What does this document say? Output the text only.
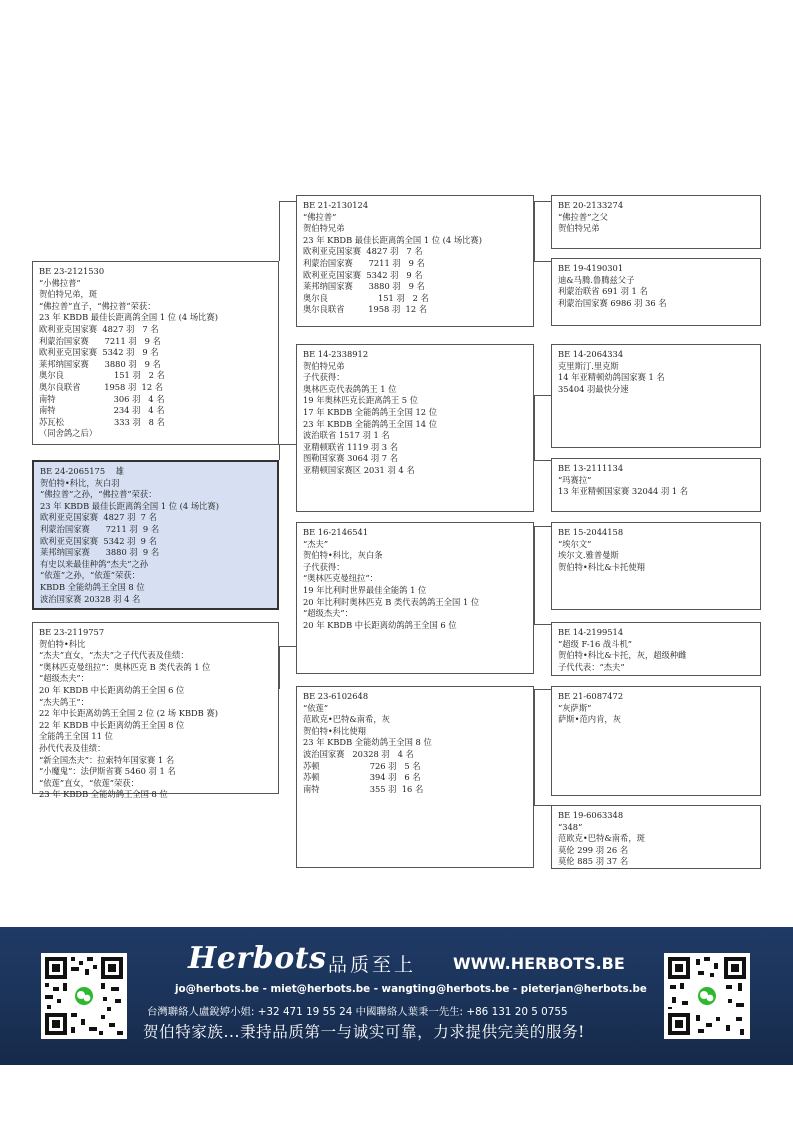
BE 23-2121530
“小佛拉普”
贺伯特兄弟，斑
“佛拉普”直子，“佛拉普”荣获：
23 年 KBDB 最佳长距离鸽全国 1 位 (4 场比赛)
欧利亚克国家赛  4827 羽   7 名
利蒙治国家赛      7211 羽   9 名
欧利亚克国家赛  5342 羽   9 名
莱邦纳国家赛      3880 羽   9 名
奥尔良                   151 羽   2 名
奥尔良联省         1958 羽  12 名
南特                      306 羽   4 名
南特                      234 羽   4 名
苏瓦松                   333 羽   8 名
（同舍鸽之后）
BE 24-2065175    雄
贺伯特•科比，灰白羽
“佛拉普”之孙，“佛拉普”荣获：
23 年 KBDB 最佳长距离鸽全国 1 位 (4 场比赛)
欧利亚克国家赛  4827 羽  7 名
利蒙治国家赛      7211 羽  9 名
欧利亚克国家赛  5342 羽  9 名
莱邦纳国家赛      3880 羽  9 名
有史以来最佳种鸽“杰夫”之孙
“依莲”之孙，“依莲”荣获：
KBDB 全能幼鸽王全国 8 位
波治国家赛 20328 羽 4 名
BE 23-2119757
贺伯特•科比
“杰夫”直女，“杰夫”之子代代表及佳绩：
“奥林匹克曼纽拉”：奥林匹克 B 类代表鸽 1 位
“超级杰夫”：
20 年 KBDB 中长距离幼鸽王全国 6 位
“杰夫鸽王”：
22 年中长距离幼鸽王全国 2 位 (2 场 KBDB 赛)
22 年 KBDB 中长距离幼鸽王全国 8 位
全能鸽王全国 11 位
孙代代表及佳绩：
“新全国杰夫”：拉索特年国家赛 1 名
“小魔鬼”：法伊斯省赛 5460 羽 1 名
“依莲”直女，“依莲”荣获：
23 年 KBDB 全能幼鸽王全国 8 位
BE 21-2130124
“佛拉普”
贺伯特兄弟
23 年 KBDB 最佳长距离鸽全国 1 位 (4 场比赛)
欧利亚克国家赛  4827 羽   7 名
利蒙治国家赛      7211 羽   9 名
欧利亚克国家赛  5342 羽   9 名
莱邦纳国家赛      3880 羽   9 名
奥尔良                   151 羽   2 名
奥尔良联省         1958 羽  12 名
BE 14-2338912
贺伯特兄弟
子代获得：
奥林匹克代表鸽鸽王 1 位
19 年奥林匹克长距离鸽王 5 位
17 年 KBDB 全能鸽鸽王全国 12 位
23 年 KBDB 全能鸽鸽王全国 14 位
波治联省 1517 羽 1 名
亚精顿联省 1119 羽 3 名
图勒国家赛 3064 羽 7 名
亚精顿国家赛区 2031 羽 4 名
BE 16-2146541
“杰夫”
贺伯特•科比，灰白条
子代获得：
“奥林匹克曼纽拉”：
19 年比利时世界最佳全能鸽 1 位
20 年比利时奥林匹克 B 类代表鸽鸽王全国 1 位
“超级杰夫”：
20 年 KBDB 中长距离幼鸽鸽王全国 6 位
BE 23-6102648
“依莲”
范欧克•巴特&南希，灰
贺伯特•科比使翔
23 年 KBDB 全能幼鸽王全国 8 位
波治国家赛   20328 羽   4 名
苏顿                   726 羽   5 名
苏顿                   394 羽   6 名
南特                   355 羽  16 名
BE 20-2133274
“佛拉普”之父
贺伯特兄弟
BE 19-4190301
迪&马腾.鲁腾兹父子
利蒙治联省 691 羽 1 名
利蒙治国家赛 6986 羽 36 名
BE 14-2064334
克里斯汀.里克斯
14 年亚精顿幼鸽国家赛 1 名
35404 羽最快分速
BE 13-2111134
“玛赛拉”
13 年亚精顿国家赛 32044 羽 1 名
BE 15-2044158
“埃尔文”
埃尔文.雅普曼斯
贺伯特•科比&卡托使翔
BE 14-2199514
“超级 F-16 战斗机”
贺伯特•科比&卡托，灰，超级种雌
子代代表：“杰夫”
BE 21-6087472
“灰萨斯”
萨斯•范内肯，灰
BE 19-6063348
“348”
范欧克•巴特&南希，斑
莫伦 299 羽 26 名
莫伦 885 羽 37 名
Herbots 品质至上 WWW.HERBOTS.BE
jo@herbots.be - miet@herbots.be - wangting@herbots.be - pieterjan@herbots.be
台灣聯絡人盧銳婷小姐: +32 471 19 55 24 中國聯絡人葉秉一先生: +86 131 20 5 0755
贺伯特家族...秉持品质第一与诚实可靠，力求提供完美的服务!
